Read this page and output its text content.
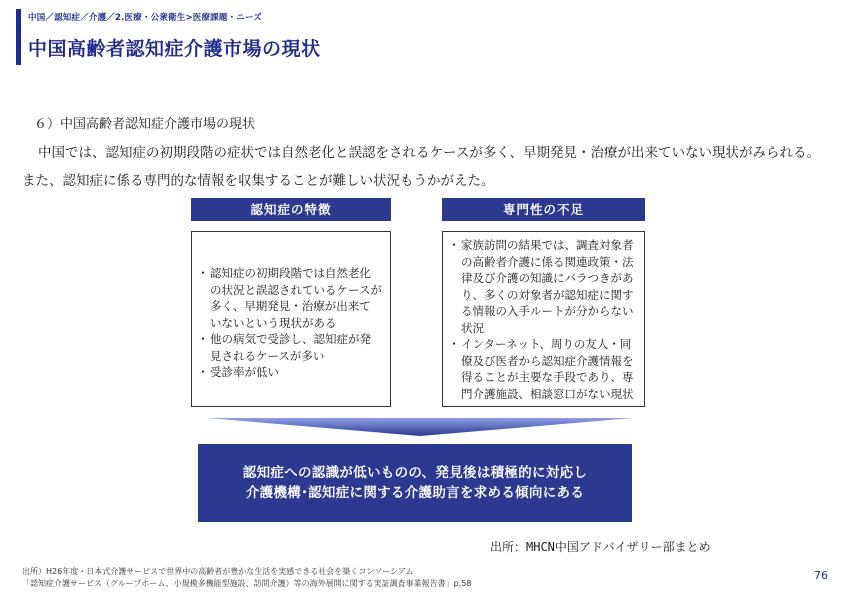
中国／認知症／介護／2.医療・公衆衛生>医療課題・ニーズ
中国高齢者認知症介護市場の現状
６）中国高齢者認知症介護市場の現状

中国では、認知症の初期段階の症状では自然老化と誤認をされるケースが多く、早期発見・治療が出来ていない現状がみられる。また、認知症に係る専門的な情報を収集することが難しい状況もうかがえた。

認知症の特徴	専門性の不足
・ 認知症の初期段階では自然老化の状況と誤認されているケースが多く、早期発見・治療が出来ていないという現状がある
・ 他の病気で受診し、認知症が発見されるケースが多い
・ 受診率が低い
・ 家族訪問の結果では、調査対象者の高齢者介護に係る関連政策・法律及び介護の知識にバラつきがあり、多くの対象者が認知症に関する情報の入手ルートが分からない状況
・ インターネット、周りの友人・同僚及び医者から認知症介護情報を得ることが主要な手段であり、専門介護施設、相談窓口がない現状
認知症への認識が低いものの、発見後は積極的に対応し
介護機構･認知症に関する介護助言を求める傾向にある
出所：MHCN中国アドバイザリー部まとめ
出所）H26年度・日本式介護サービスで世界中の高齢者が豊かな生活を実感できる社会を築くコンソーシアム
「認知症介護サービス（グループホーム、小規模多機能型施設、訪問介護）等の海外展開に関する実証調査事業報告書」p.58
76
